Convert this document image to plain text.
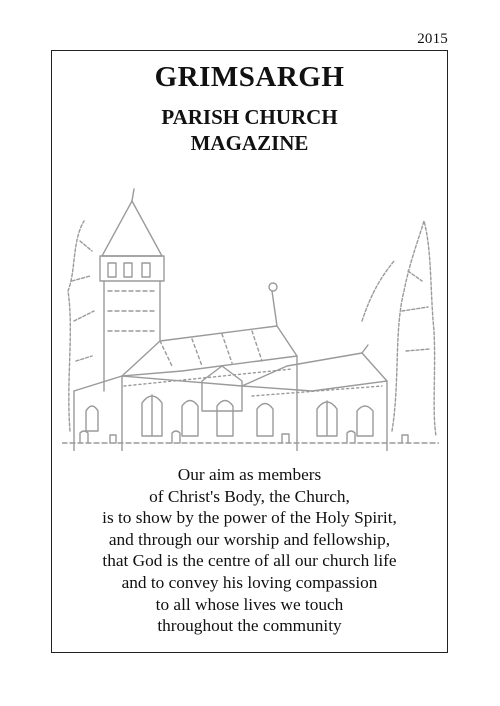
2015
GRIMSARGH
PARISH CHURCH
MAGAZINE
Our aim as members
of Christ's Body, the Church,
is to show by the power of the Holy Spirit,
and through our worship and fellowship,
that God is the centre of all our church life
and to convey his loving compassion
to all whose lives we touch
throughout the community
